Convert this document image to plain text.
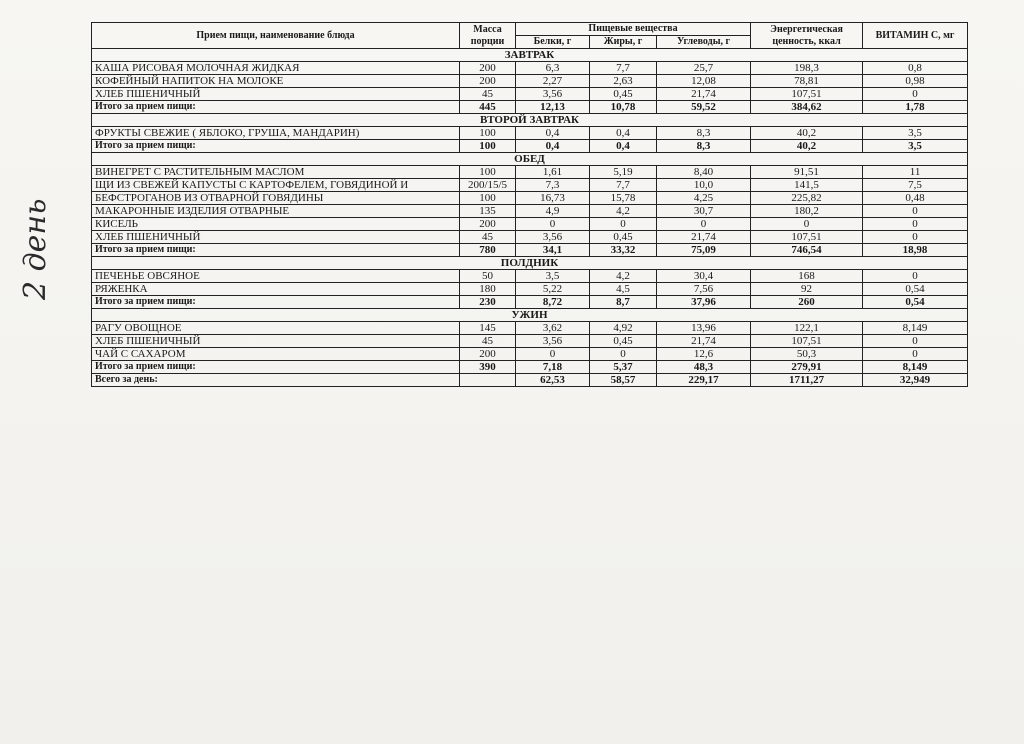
2 день
Прием пищи, наименование блюда	Масса порции	Пищевые вещества			Энергетическая ценность, ккал	ВИТАМИН С, мг
		Белки, г	Жиры, г	Углеводы, г		
ЗАВТРАК						
КАША РИСОВАЯ МОЛОЧНАЯ ЖИДКАЯ	200	6,3	7,7	25,7	198,3	0,8
КОФЕЙНЫЙ НАПИТОК НА МОЛОКЕ	200	2,27	2,63	12,08	78,81	0,98
ХЛЕБ ПШЕНИЧНЫЙ	45	3,56	0,45	21,74	107,51	0
Итого за прием пищи:	445	12,13	10,78	59,52	384,62	1,78
ВТОРОЙ ЗАВТРАК						
ФРУКТЫ СВЕЖИЕ ( ЯБЛОКО, ГРУША, МАНДАРИН)	100	0,4	0,4	8,3	40,2	3,5
Итого за прием пищи:	100	0,4	0,4	8,3	40,2	3,5
ОБЕД						
ВИНЕГРЕТ С РАСТИТЕЛЬНЫМ МАСЛОМ	100	1,61	5,19	8,40	91,51	11
ЩИ ИЗ СВЕЖЕЙ КАПУСТЫ С КАРТОФЕЛЕМ, ГОВЯДИНОЙ И	200/15/5	7,3	7,7	10,0	141,5	7,5
БЕФСТРОГАНОВ ИЗ ОТВАРНОЙ ГОВЯДИНЫ	100	16,73	15,78	4,25	225,82	0,48
МАКАРОННЫЕ ИЗДЕЛИЯ ОТВАРНЫЕ	135	4,9	4,2	30,7	180,2	0
КИСЕЛЬ	200	0	0	0	0	0
ХЛЕБ ПШЕНИЧНЫЙ	45	3,56	0,45	21,74	107,51	0
Итого за прием пищи:	780	34,1	33,32	75,09	746,54	18,98
ПОЛДНИК						
ПЕЧЕНЬЕ ОВСЯНОЕ	50	3,5	4,2	30,4	168	0
РЯЖЕНКА	180	5,22	4,5	7,56	92	0,54
Итого за прием пищи:	230	8,72	8,7	37,96	260	0,54
УЖИН						
РАГУ ОВОЩНОЕ	145	3,62	4,92	13,96	122,1	8,149
ХЛЕБ ПШЕНИЧНЫЙ	45	3,56	0,45	21,74	107,51	0
ЧАЙ С САХАРОМ	200	0	0	12,6	50,3	0
Итого за прием пищи:	390	7,18	5,37	48,3	279,91	8,149
Всего за день:		62,53	58,57	229,17	1711,27	32,949
